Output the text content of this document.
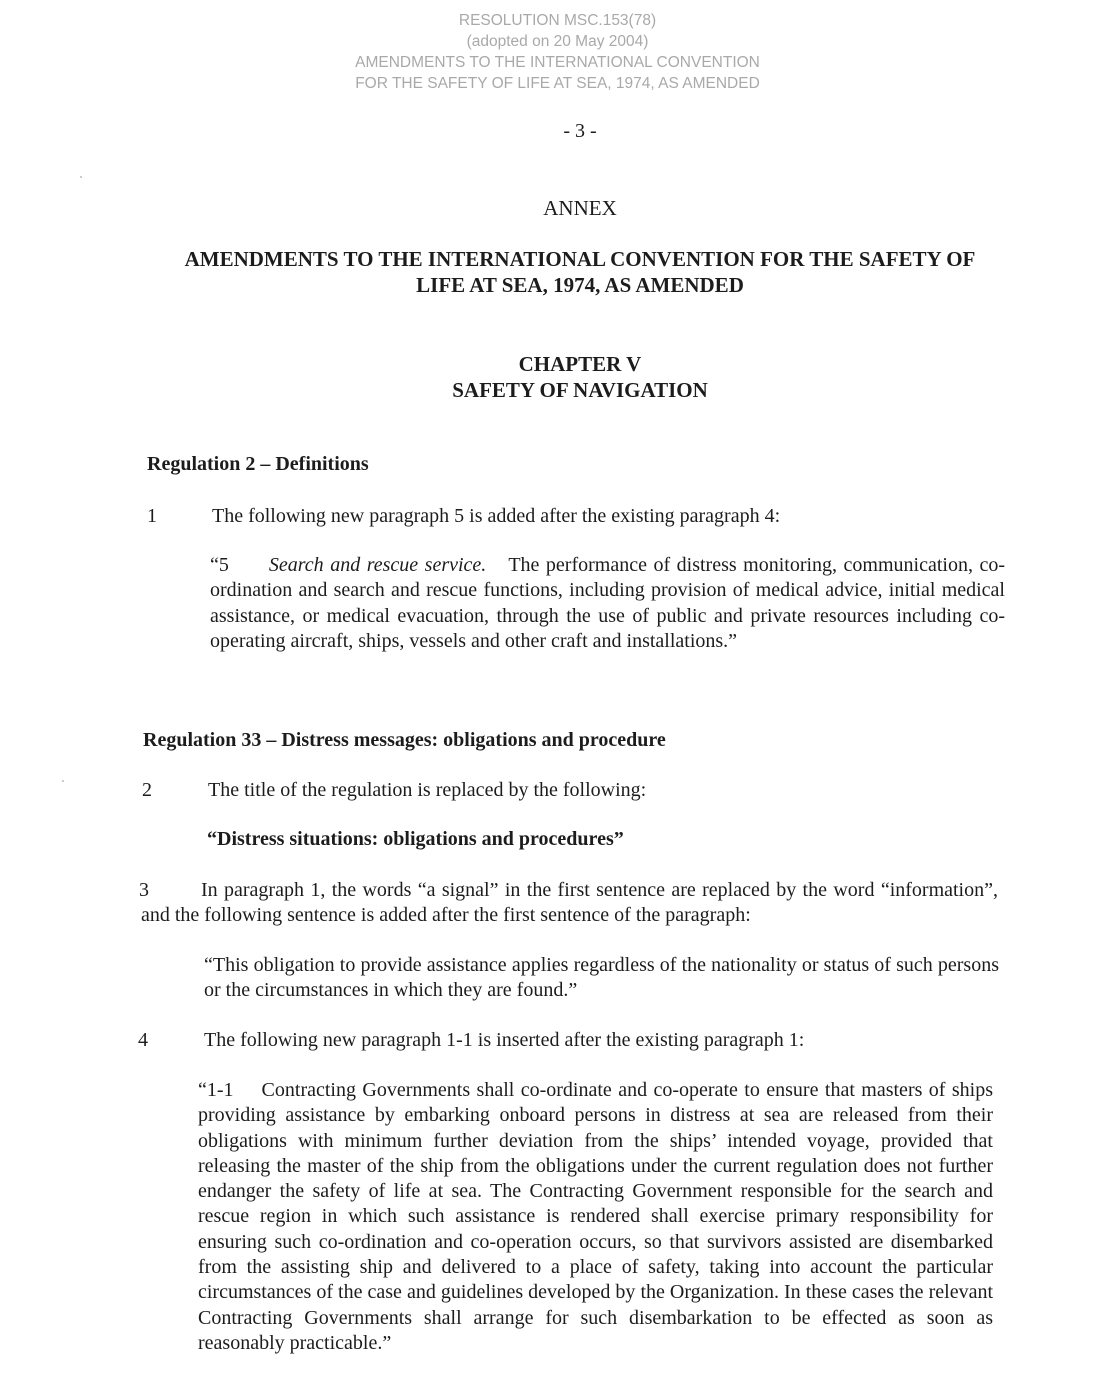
RESOLUTION MSC.153(78)
(adopted on 20 May 2004)
AMENDMENTS TO THE INTERNATIONAL CONVENTION
FOR THE SAFETY OF LIFE AT SEA, 1974, AS AMENDED
- 3 -
ANNEX
AMENDMENTS TO THE INTERNATIONAL CONVENTION FOR THE SAFETY OF LIFE AT SEA, 1974, AS AMENDED
CHAPTER V
SAFETY OF NAVIGATION
Regulation 2 – Definitions
1	The following new paragraph 5 is added after the existing paragraph 4:
“5 Search and rescue service. The performance of distress monitoring, communication, co-ordination and search and rescue functions, including provision of medical advice, initial medical assistance, or medical evacuation, through the use of public and private resources including co-operating aircraft, ships, vessels and other craft and installations.”
Regulation 33 – Distress messages: obligations and procedure
2	The title of the regulation is replaced by the following:
“Distress situations: obligations and procedures”
3	In paragraph 1, the words “a signal” in the first sentence are replaced by the word “information”, and the following sentence is added after the first sentence of the paragraph:
“This obligation to provide assistance applies regardless of the nationality or status of such persons or the circumstances in which they are found.”
4	The following new paragraph 1-1 is inserted after the existing paragraph 1:
“1-1 Contracting Governments shall co-ordinate and co-operate to ensure that masters of ships providing assistance by embarking onboard persons in distress at sea are released from their obligations with minimum further deviation from the ships’ intended voyage, provided that releasing the master of the ship from the obligations under the current regulation does not further endanger the safety of life at sea. The Contracting Government responsible for the search and rescue region in which such assistance is rendered shall exercise primary responsibility for ensuring such co-ordination and co-operation occurs, so that survivors assisted are disembarked from the assisting ship and delivered to a place of safety, taking into account the particular circumstances of the case and guidelines developed by the Organization. In these cases the relevant Contracting Governments shall arrange for such disembarkation to be effected as soon as reasonably practicable.”
